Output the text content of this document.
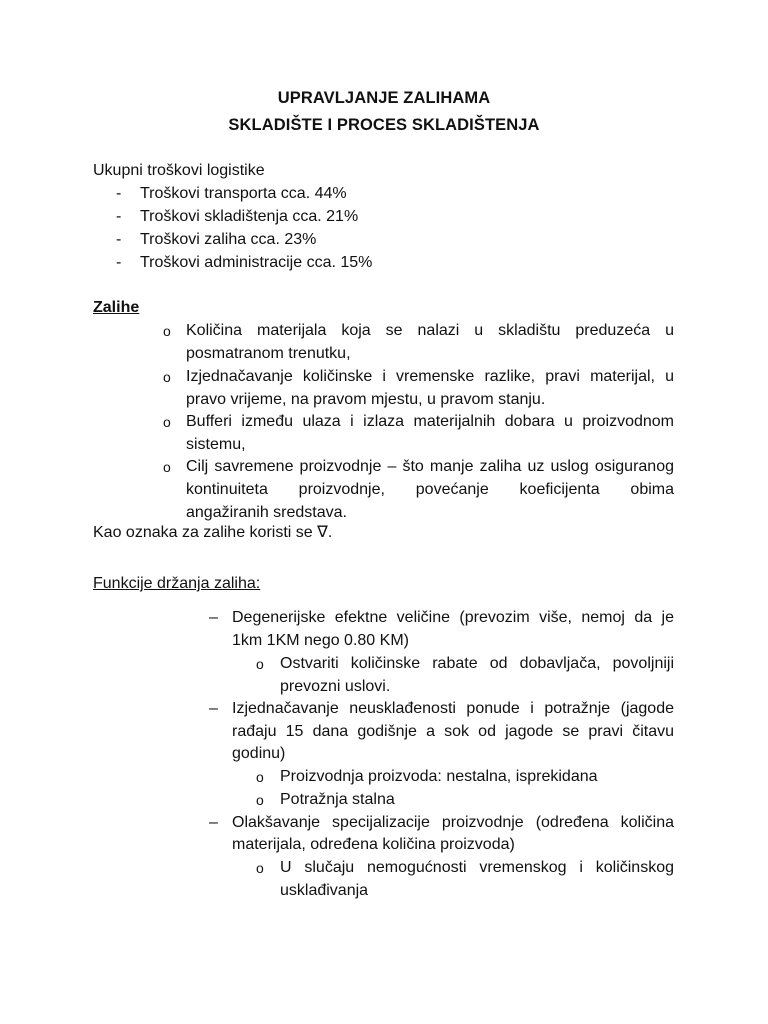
UPRAVLJANJE ZALIHAMA
SKLADIŠTE I PROCES SKLADIŠTENJA
Ukupni troškovi logistike
- Troškovi transporta cca. 44%
- Troškovi skladištenja cca. 21%
- Troškovi zaliha cca. 23%
- Troškovi administracije cca. 15%
Zalihe
o Količina materijala koja se nalazi u skladištu preduzeća u
posmatranom trenutku,
o Izjednačavanje količinske i vremenske razlike, pravi materijal, u
pravo vrijeme, na pravom mjestu, u pravom stanju.
o Bufferi između ulaza i izlaza materijalnih dobara u proizvodnom
sistemu,
o Cilj savremene proizvodnje – što manje zaliha uz uslog osiguranog
kontinuiteta proizvodnje, povećanje koeficijenta obima
angažiranih sredstava.
Kao oznaka za zalihe koristi se ∇.
Funkcije držanja zaliha:
– Degenerijske efektne veličine (prevozim više, nemoj da je
1km 1KM nego 0.80 KM)
o Ostvariti količinske rabate od dobavljača, povoljniji
prevozni uslovi.
– Izjednačavanje neusklađenosti ponude i potražnje (jagode
rađaju 15 dana godišnje a sok od jagode se pravi čitavu
godinu)
o Proizvodnja proizvoda: nestalna, isprekidana
o Potražnja stalna
– Olakšavanje specijalizacije proizvodnje (određena količina
materijala, određena količina proizvoda)
o U slučaju nemogućnosti vremenskog i količinskog
usklađivanja
